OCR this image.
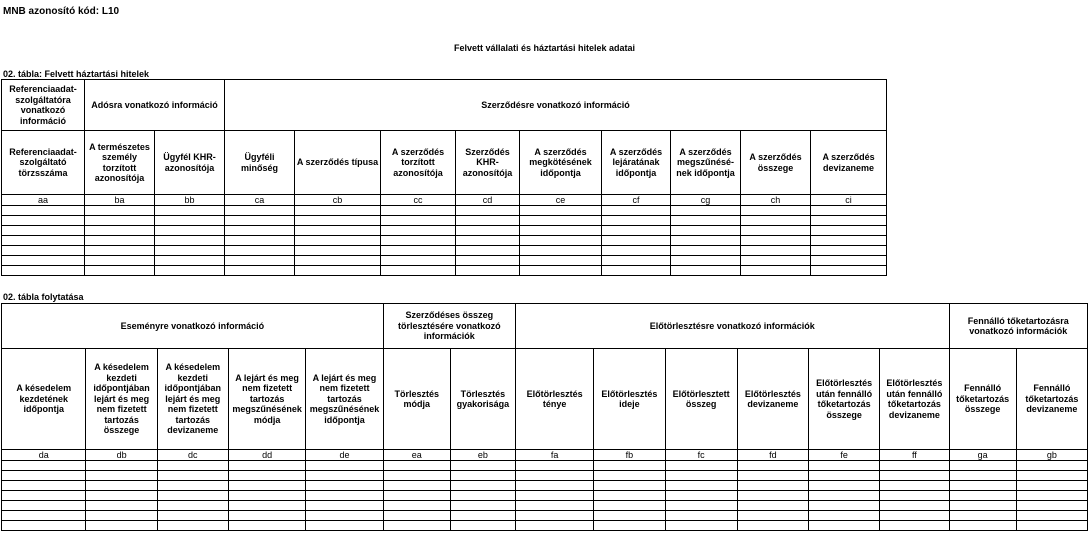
MNB azonosító kód: L10
Felvett vállalati és háztartási hitelek adatai
02. tábla: Felvett háztartási hitelek
Referenciaadat-szolgáltatóra vonatkozó információ	Adósra vonatkozó információ		Szerződésre vonatkozó információ								
Referenciaadat-szolgáltató törzsszáma	A természetes személy torzított azonosítója	Ügyfél KHR-azonosítója	Ügyféli minőség	A szerződés típusa	A szerződés torzított azonosítója	Szerződés KHR-azonosítója	A szerződés megkötésének időpontja	A szerződés lejáratának időpontja	A szerződés megszűnésé-nek időpontja	A szerződés összege	A szerződés devizaneme
aa	ba	bb	ca	cb	cc	cd	ce	cf	cg	ch	ci

02. tábla folytatása
Eseményre vonatkozó információ					Szerződéses összeg törlesztésére vonatkozó információk		Előtörlesztésre vonatkozó információk						Fennálló tőketartozásra vonatkozó információk	
A késedelem kezdetének időpontja	A késedelem kezdeti időpontjában lejárt és meg nem fizetett tartozás összege	A késedelem kezdeti időpontjában lejárt és meg nem fizetett tartozás devizaneme	A lejárt és meg nem fizetett tartozás megszűnésének módja	A lejárt és meg nem fizetett tartozás megszűnésének időpontja	Törlesztés módja	Törlesztés gyakorisága	Előtörlesztés ténye	Előtörlesztés ideje	Előtörlesztett összeg	Előtörlesztés devizaneme	Előtörlesztés után fennálló tőketartozás összege	Előtörlesztés után fennálló tőketartozás devizaneme	Fennálló tőketartozás összege	Fennálló tőketartozás devizaneme
da	db	dc	dd	de	ea	eb	fa	fb	fc	fd	fe	ff	ga	gb
